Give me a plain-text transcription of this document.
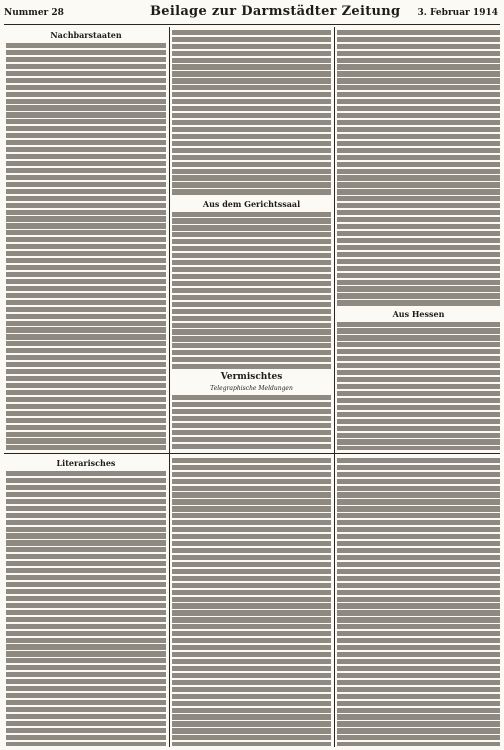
Nummer 28	Beilage zur Darmstädter Zeitung 3. Februar 1914
Nachbarstaaten
Aus dem Gerichtssaal
Vermischtes
Telegraphische Meldungen
Aus Hessen
Literarisches
